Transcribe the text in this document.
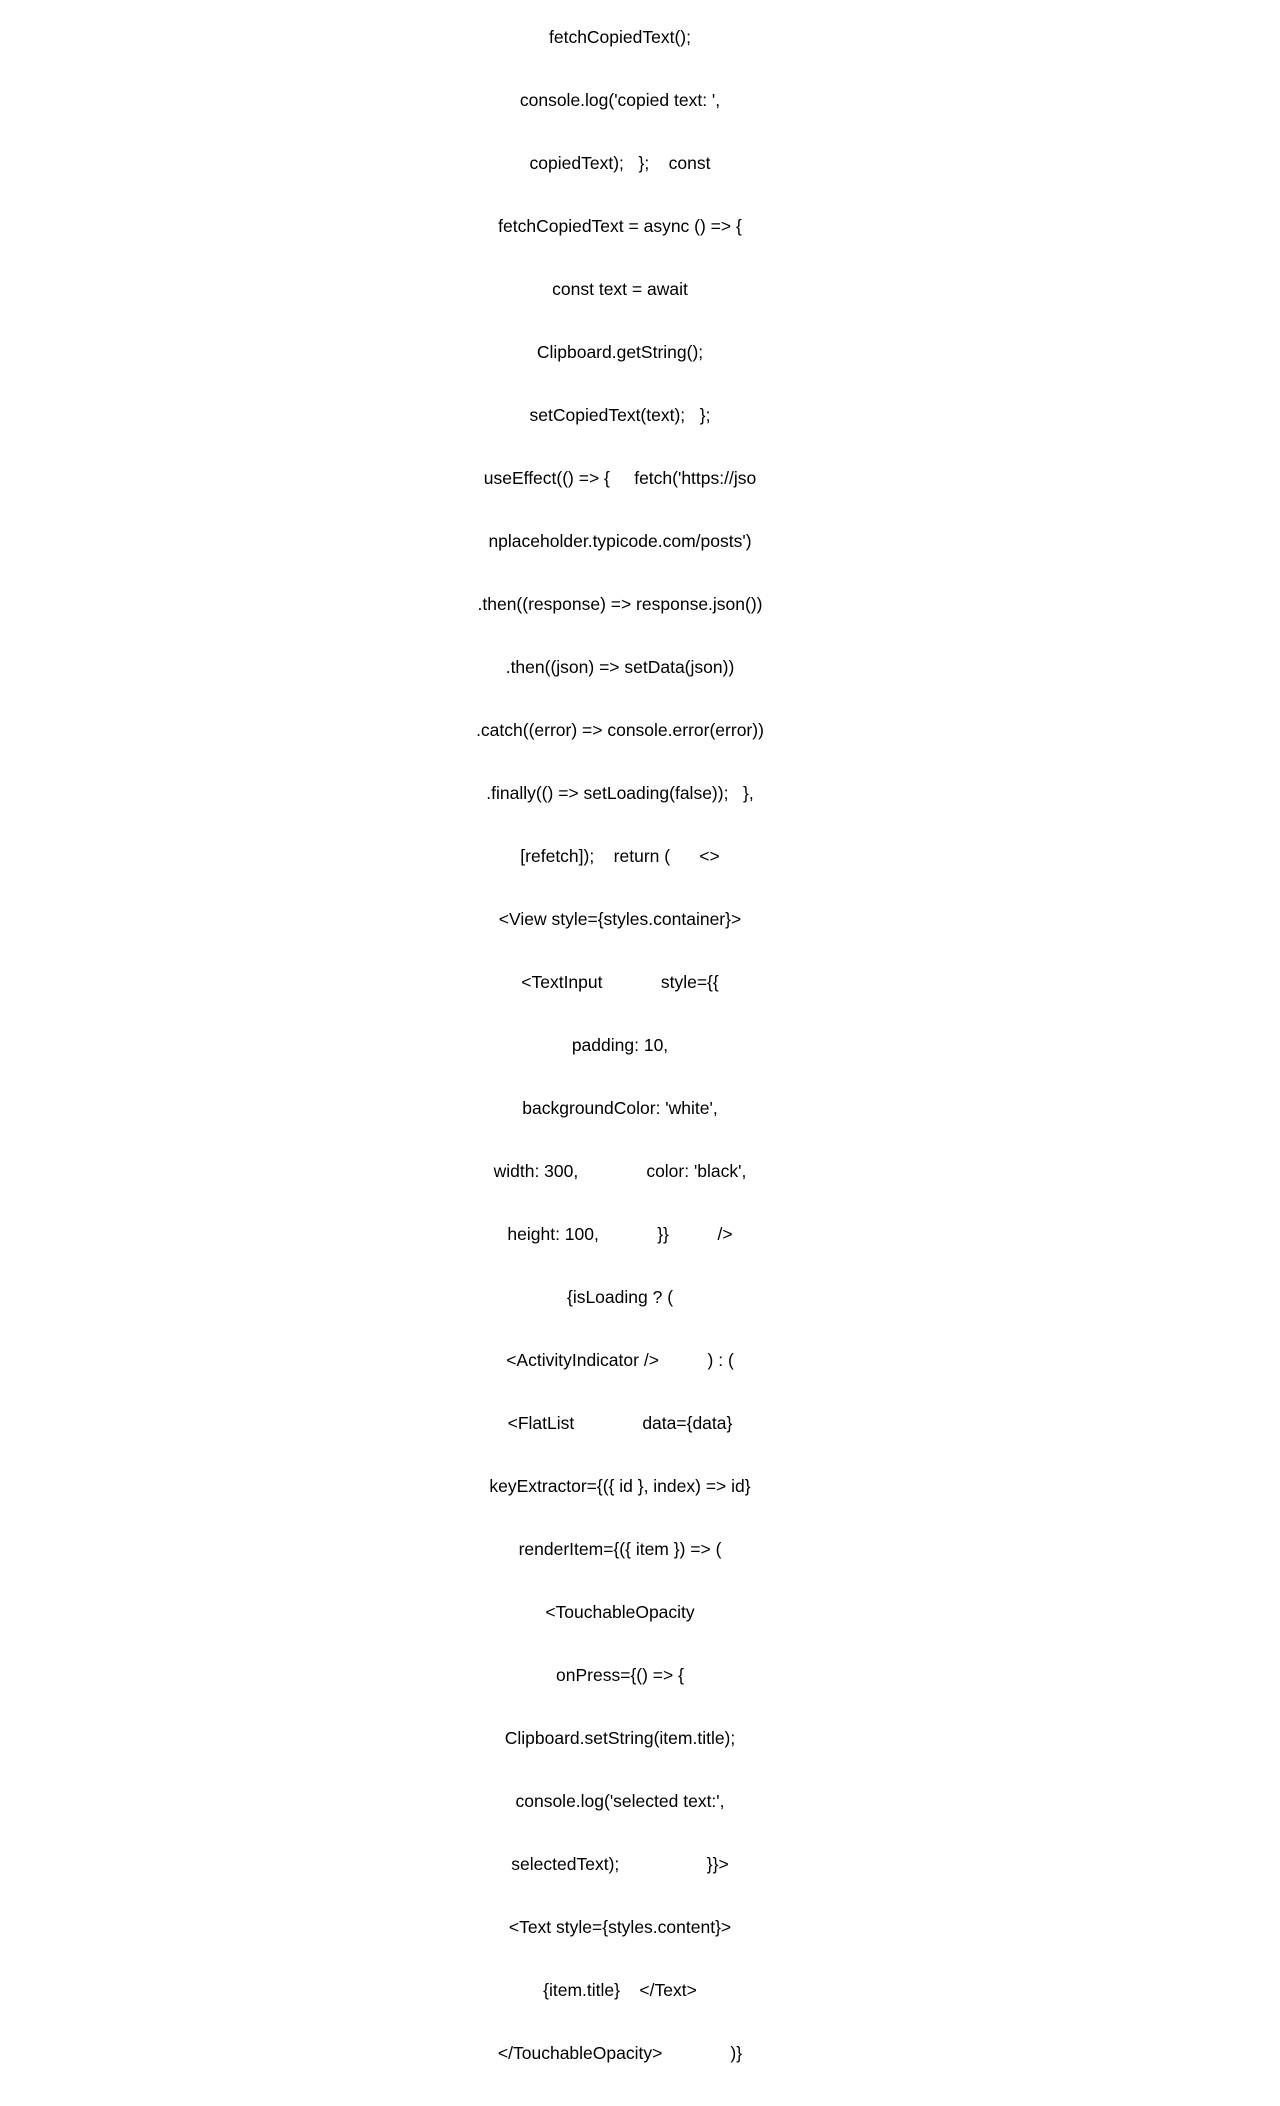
fetchCopiedText();

console.log('copied text: ',

copiedText);   };    const

fetchCopiedText = async () => {

const text = await

Clipboard.getString();

setCopiedText(text);   };

useEffect(() => {     fetch('https://jso

nplaceholder.typicode.com/posts')

.then((response) => response.json())

.then((json) => setData(json))

.catch((error) => console.error(error))

.finally(() => setLoading(false));   },

[refetch]);    return (      <>

<View style={styles.container}>

<TextInput            style={{

padding: 10,

backgroundColor: 'white',

width: 300,              color: 'black',

height: 100,            }}          />

{isLoading ? (

<ActivityIndicator />          ) : (

<FlatList              data={data}

keyExtractor={({ id }, index) => id}

renderItem={({ item }) => (

<TouchableOpacity

onPress={() => {

Clipboard.setString(item.title);

console.log('selected text:',

selectedText);                  }}>

<Text style={styles.content}>

{item.title}    </Text>

</TouchableOpacity>              )}
